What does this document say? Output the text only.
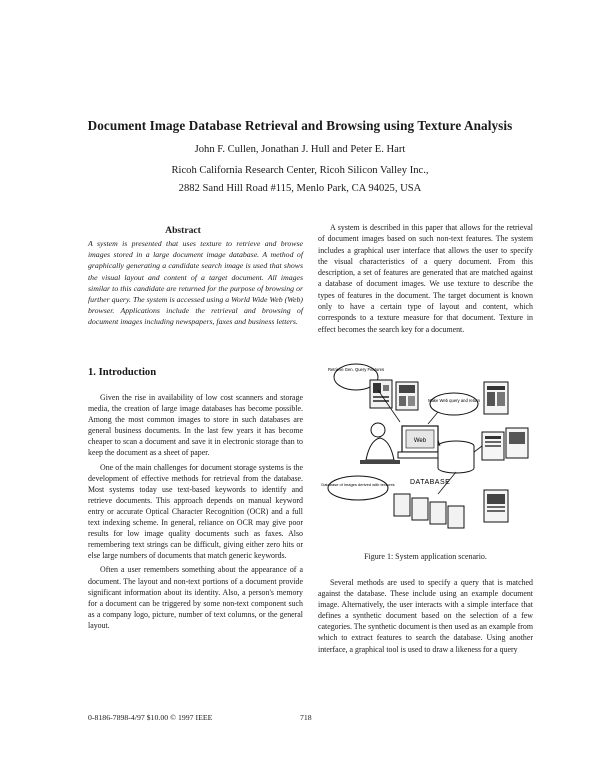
Document Image Database Retrieval and Browsing using Texture Analysis
John F. Cullen, Jonathan J. Hull and Peter E. Hart
Ricoh California Research Center, Ricoh Silicon Valley Inc.,
2882 Sand Hill Road #115, Menlo Park, CA 94025, USA
Abstract

A system is presented that uses texture to retrieve and browse images stored in a large document image database. A method of graphically generating a candidate search image is used that shows the visual layout and content of a target document. All images similar to this candidate are returned for the purpose of browsing or further query. The system is accessed using a World Wide Web (Web) browser. Applications include the retrieval and browsing of document images including newspapers, faxes and business letters.

1. Introduction

Given the rise in availability of low cost scanners and storage media, the creation of large image databases has become possible. Among the most common images to store in such databases are general business documents. In the last few years it has become cheaper to scan a document and save it in electronic storage than to keep the document as a sheet of paper.

One of the main challenges for document storage systems is the development of effective methods for retrieval from the database. Most systems today use text-based keywords to identify and retrieve documents. This approach depends on manual keyword entry or accurate Optical Character Recognition (OCR) and a full text indexing scheme. In general, reliance on OCR may give poor results for low image quality documents such as faxes. Also remembering text strings can be difficult, giving either zero hits or else large numbers of documents that match generic keywords.

Often a user remembers something about the appearance of a document. The layout and non-text portions of a document provide significant information about its identity. Also, a person's memory for a document can be triggered by some non-text component such as a company logo, picture, number of text columns, or the general layout.

A system is described in this paper that allows for the retrieval of document images based on such non-text features. The system includes a graphical user interface that allows the user to specify the visual characteristics of a query document. From this description, a set of features are generated that are matched against a database of document images. We use texture to describe the types of features in the document. The target document is known only to have a certain type of layout and content, which corresponds to a texture measure for that document. Texture in effect becomes the search key for a document.

Retrieve Gen. Query Features
Make Web query and return
Web
DATABASE
Database of images derived with textures
Figure 1: System application scenario.

Several methods are used to specify a query that is matched against the database. These include using an example document image. Alternatively, the user interacts with a simple interface that defines a synthetic document based on the selection of a few categories. The synthetic document is then used as an example from which to extract features to search the database. Using another interface, a graphical tool is used to draw a likeness for a query

0-8186-7898-4/97 $10.00 © 1997 IEEE	718
